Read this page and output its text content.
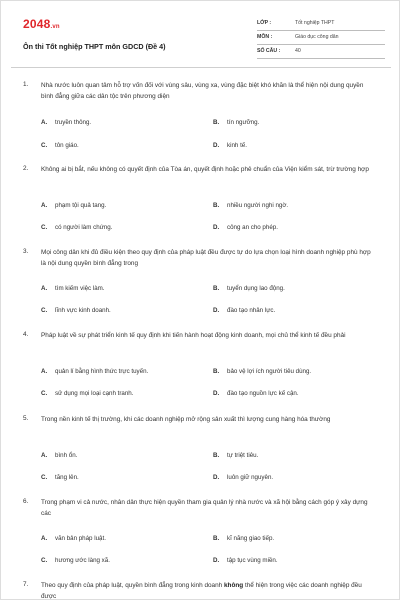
2048.vn
Ôn thi Tốt nghiệp THPT môn GDCD (Đề 4)
LỚP :	Tốt nghiệp THPT
MÔN :	Giáo dục công dân
SỐ CÂU :	40
1. Nhà nước luôn quan tâm hỗ trợ vốn đối với vùng sâu, vùng xa, vùng đặc biệt khó khăn là thể hiện nội dung quyền bình đẳng giữa các dân tộc trên phương diện
A. truyền thông.	B. tín ngưỡng.
C. tôn giáo.	D. kinh tế.
2. Không ai bị bắt, nếu không có quyết định của Tòa án, quyết định hoặc phê chuẩn của Viện kiểm sát, trừ trường hợp
A. phạm tội quả tang.	B. nhiều người nghi ngờ.
C. có người làm chứng.	D. công an cho phép.
3. Mọi công dân khi đủ điều kiện theo quy định của pháp luật đều được tự do lựa chọn loại hình doanh nghiệp phù hợp là nội dung quyền bình đẳng trong
A. tìm kiếm việc làm.	B. tuyển dụng lao động.
C. lĩnh vực kinh doanh.	D. đào tạo nhân lực.
4. Pháp luật về sự phát triển kinh tế quy định khi tiến hành hoạt động kinh doanh, mọi chủ thể kinh tế đều phải
A. quản lí bằng hình thức trực tuyến.	B. bảo vệ lợi ích người tiêu dùng.
C. sử dụng mọi loại cạnh tranh.	D. đào tạo nguồn lực kế cận.
5. Trong nền kinh tế thị trường, khi các doanh nghiệp mở rộng sản xuất thì lượng cung hàng hóa thường
A. bình ổn.	B. tự triệt tiêu.
C. tăng lên.	D. luôn giữ nguyên.
6. Trong phạm vi cả nước, nhân dân thực hiện quyền tham gia quản lý nhà nước và xã hội bằng cách góp ý xây dựng các
A. văn bản pháp luật.	B. kĩ năng giao tiếp.
C. hương ước làng xã.	D. tập tục vùng miền.
7. Theo quy định của pháp luật, quyền bình đẳng trong kinh doanh không thể hiện trong việc các doanh nghiệp đều được
